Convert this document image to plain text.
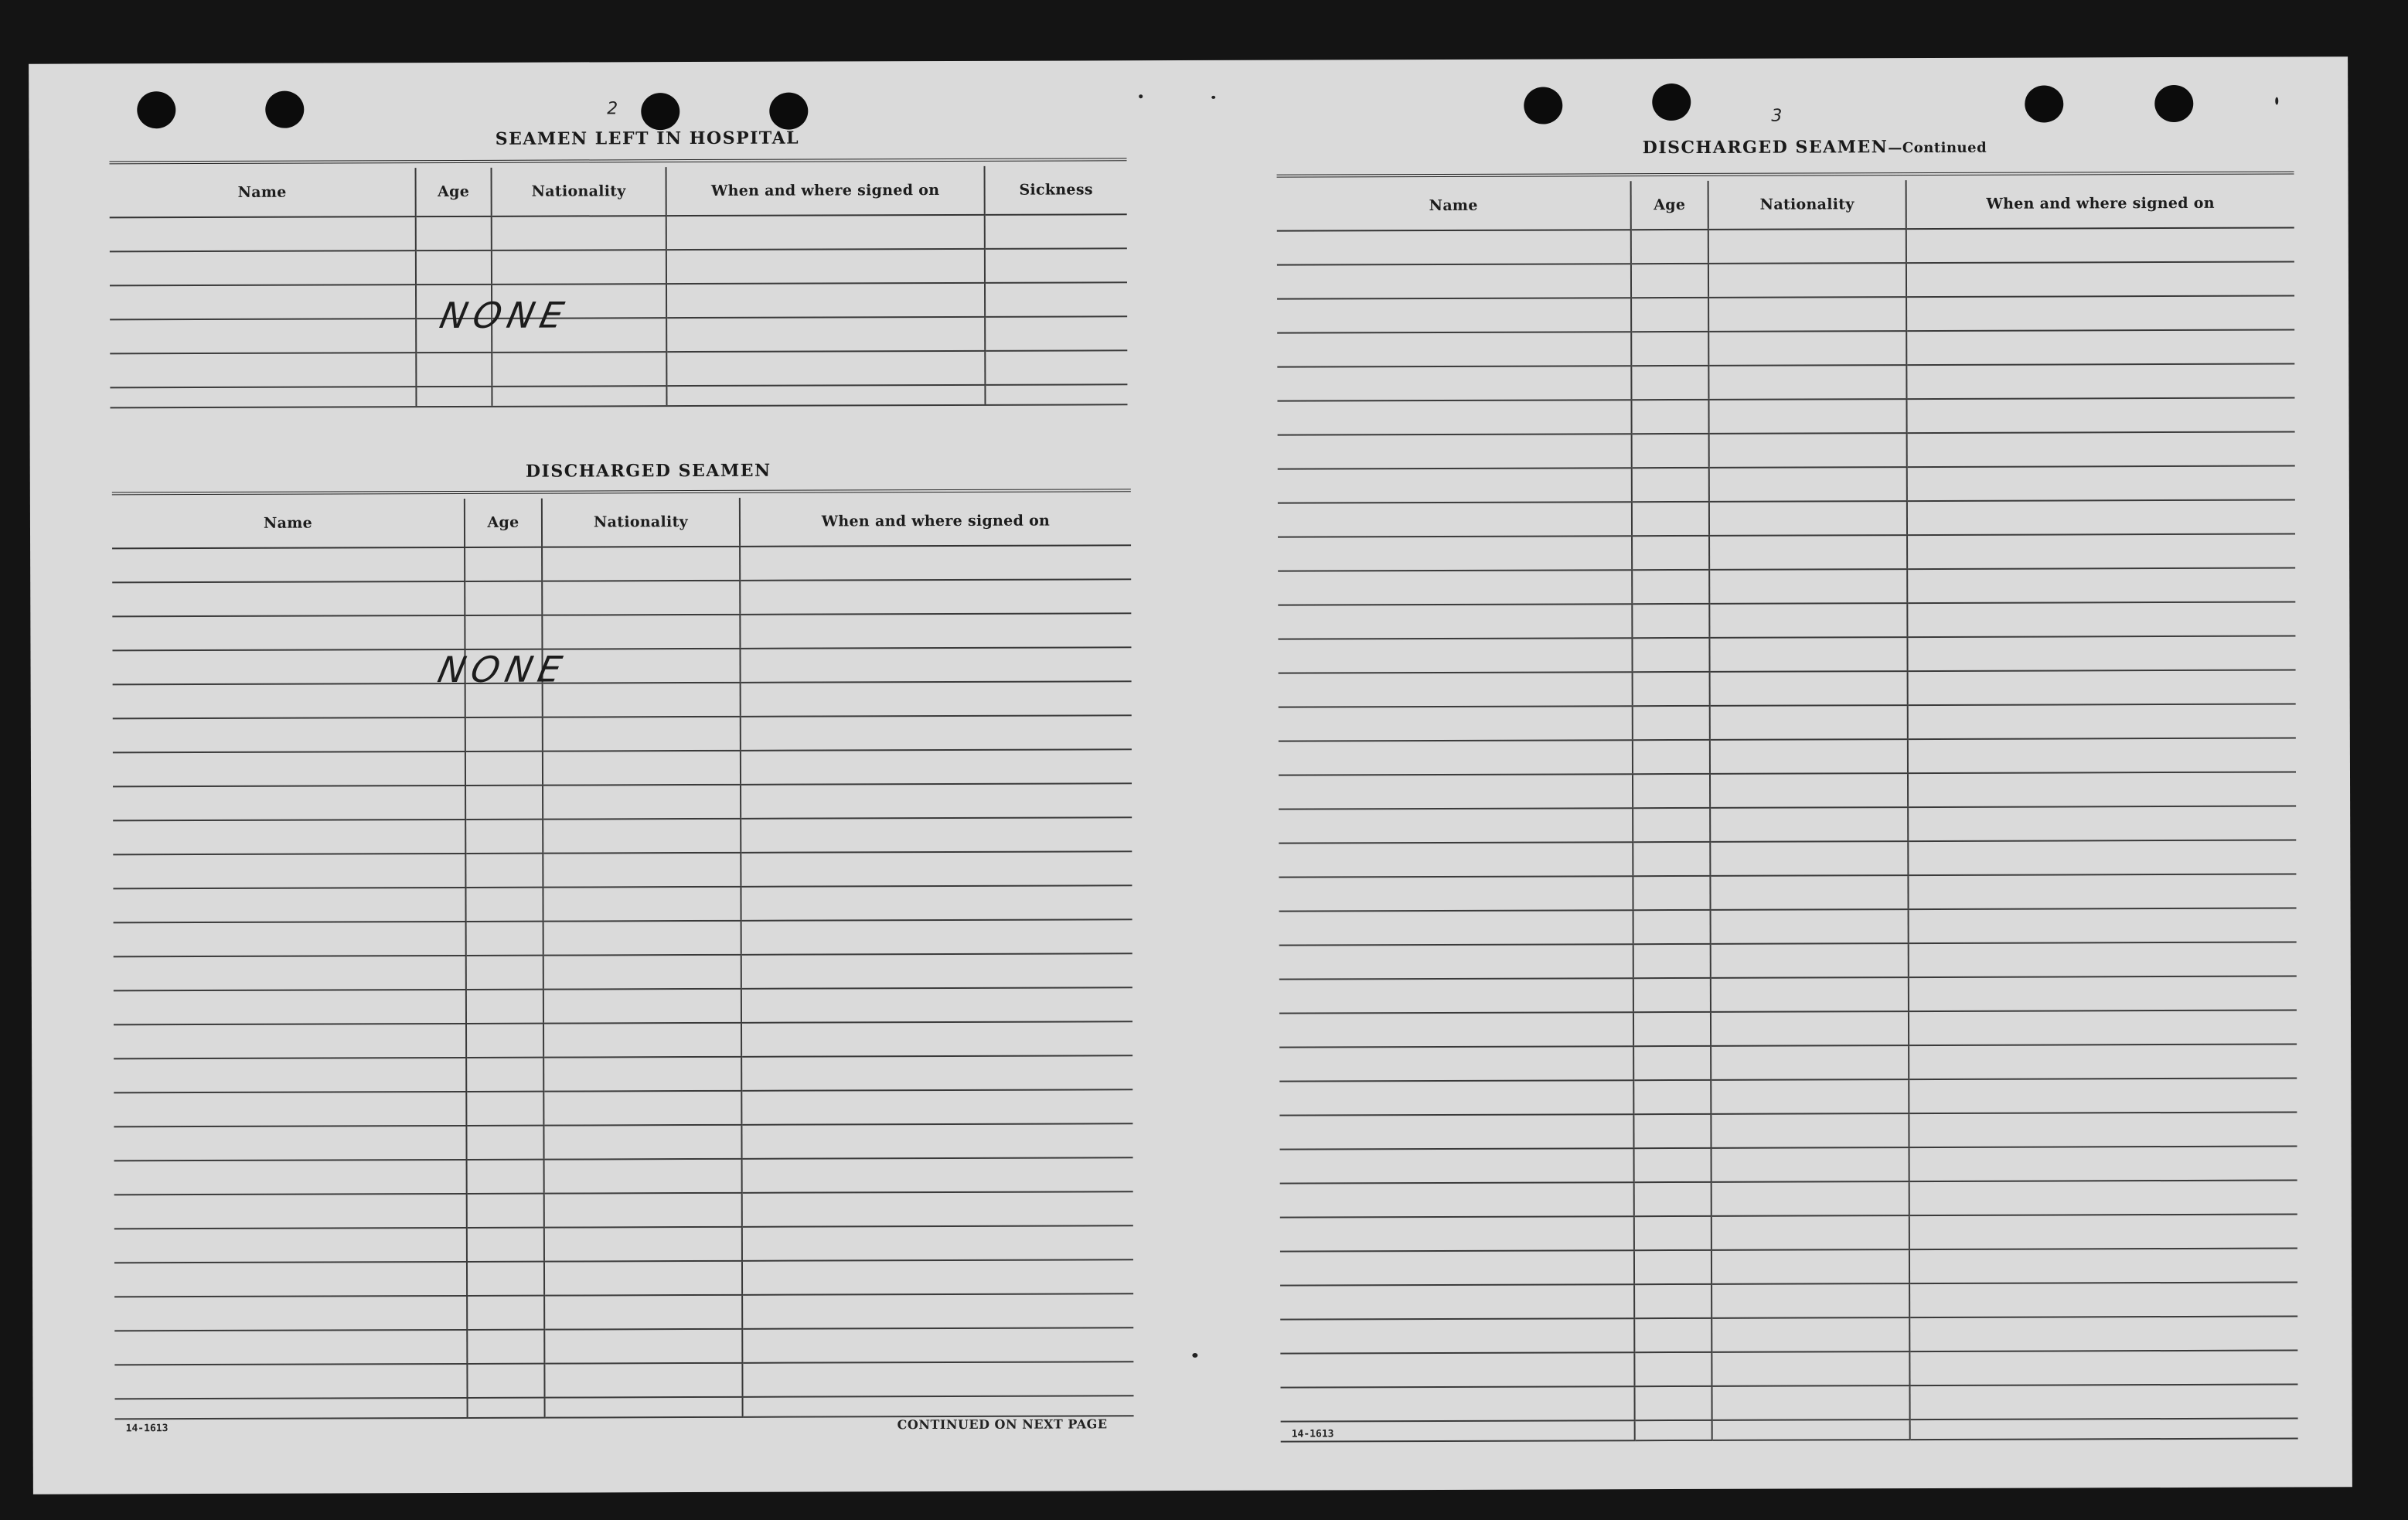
2
SEAMEN LEFT IN HOSPITAL
Name	Age	Nationality	When and where signed on	Sickness

NONE
DISCHARGED SEAMEN
Name	Age	Nationality	When and where signed on

NONE
14-1613	CONTINUED ON NEXT PAGE
3
DISCHARGED SEAMEN—Continued
Name	Age	Nationality	When and where signed on

14-1613
